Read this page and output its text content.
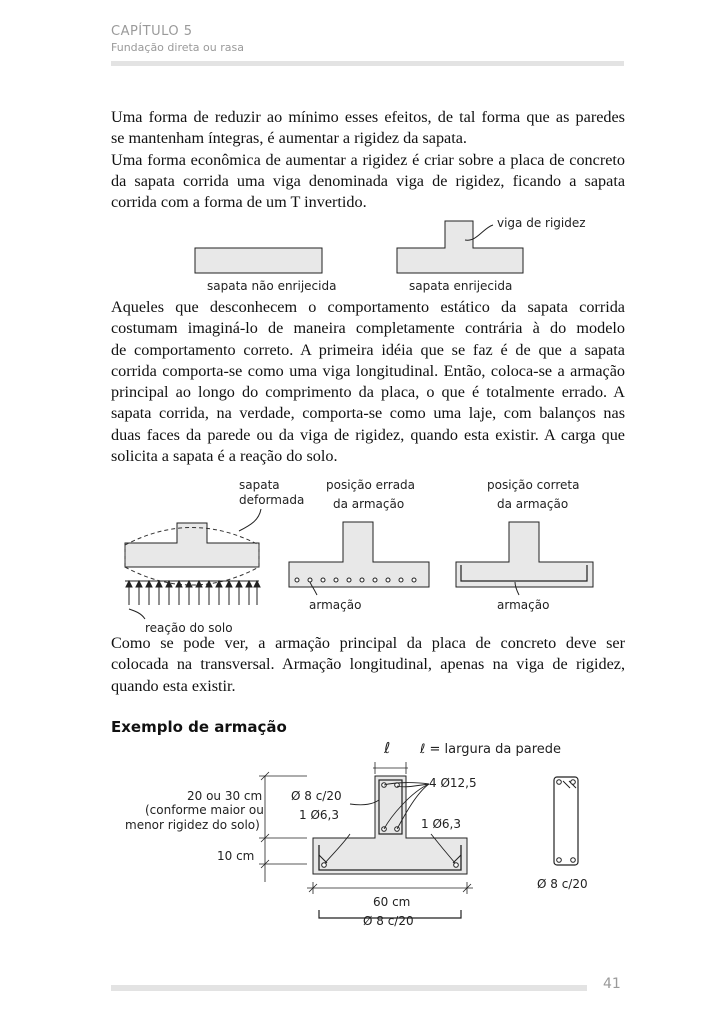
CAPÍTULO 5
Fundação direta ou rasa

Uma forma de reduzir ao mínimo esses efeitos, de tal forma que as paredes
se mantenham íntegras, é aumentar a rigidez da sapata.
Uma forma econômica de aumentar a rigidez é criar sobre a placa de concreto
da sapata corrida uma viga denominada viga de rigidez, ficando a sapata
corrida com a forma de um T invertido.

viga de rigidez
sapata não enrijecida	sapata enrijecida

Aqueles que desconhecem o comportamento estático da sapata corrida
costumam imaginá-lo de maneira completamente contrária à do modelo
de comportamento correto. A primeira idéia que se faz é de que a sapata
corrida comporta-se como uma viga longitudinal. Então, coloca-se a armação
principal ao longo do comprimento da placa, o que é totalmente errado. A
sapata corrida, na verdade, comporta-se como uma laje, com balanços nas
duas faces da parede ou da viga de rigidez, quando esta existir. A carga que
solicita a sapata é a reação do solo.

sapata
deformada
reação do solo
posição errada
da armação
armação
posição correta
da armação
armação

Como se pode ver, a armação principal da placa de concreto deve ser
colocada na transversal. Armação longitudinal, apenas na viga de rigidez,
quando esta existir.

Exemplo de armação
ℓ ℓ = largura da parede
20 ou 30 cm
(conforme maior ou
menor rigidez do solo)
10 cm
4 Ø12,5
Ø 8 c/20
1 Ø6,3
1 Ø6,3
60 cm
Ø 8 c/20
Ø 8 c/20
41
